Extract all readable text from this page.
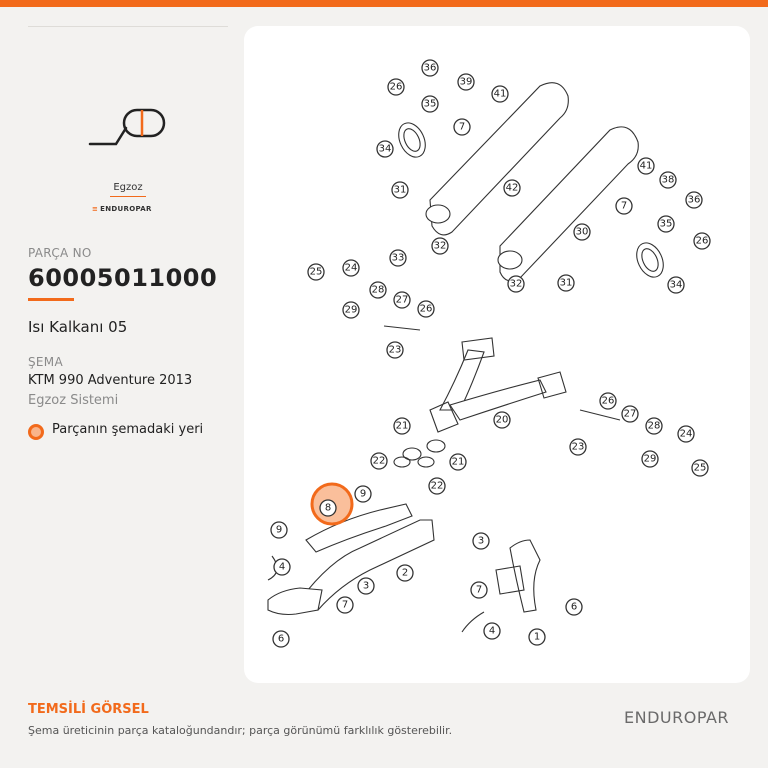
Egzoz
≡ ENDUROPAR
PARÇA NO
60005011000
Isı Kalkanı 05
ŞEMA
KTM 990 Adventure 2013
Egzoz Sistemi
Parçanın şemadaki yeri
36
26
35
39
41
7
34
31	42
41
38
7
36
35
26
32
33
30
32	31	34
25 24
28
29
27
26
23
20
26
27
23
28
24
29
25
21
22	21
22
9
8
9
4
3
2
7	6
3
7
6
4
1
TEMSİLİ GÖRSEL
Şema üreticinin parça kataloğundandır; parça görünümü farklılık gösterebilir.
ENDUROPAR
